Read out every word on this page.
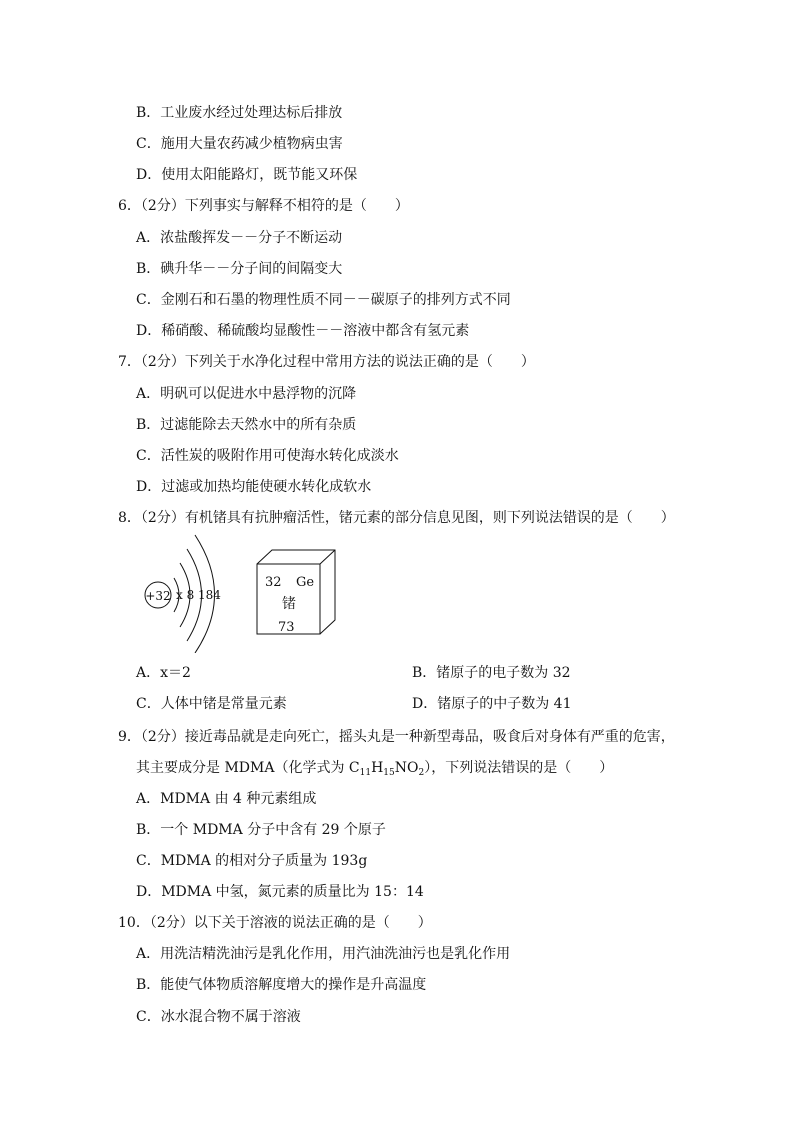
B．工业废水经过处理达标后排放
C．施用大量农药减少植物病虫害
D．使用太阳能路灯，既节能又环保
6．（2分）下列事实与解释不相符的是（　　）
A．浓盐酸挥发－－分子不断运动
B．碘升华－－分子间的间隔变大
C．金刚石和石墨的物理性质不同－－碳原子的排列方式不同
D．稀硝酸、稀硫酸均显酸性－－溶液中都含有氢元素
7．（2分）下列关于水净化过程中常用方法的说法正确的是（　　）
A．明矾可以促进水中悬浮物的沉降
B．过滤能除去天然水中的所有杂质
C．活性炭的吸附作用可使海水转化成淡水
D．过滤或加热均能使硬水转化成软水
8．（2分）有机锗具有抗肿瘤活性，锗元素的部分信息见图，则下列说法错误的是（　　）
+32 x 8 184
32 Ge
锗
73
A．x＝2	B．锗原子的电子数为 32
C．人体中锗是常量元素	D．锗原子的中子数为 41
9．（2分）接近毒品就是走向死亡，摇头丸是一种新型毒品，吸食后对身体有严重的危害，
其主要成分是 MDMA（化学式为 $C_{11}H_{15}NO_2$），下列说法错误的是（　　）
A．MDMA 由 4 种元素组成
B．一个 MDMA 分子中含有 29 个原子
C．MDMA 的相对分子质量为 193g
D．MDMA 中氢，氮元素的质量比为 15：14
10．（2分）以下关于溶液的说法正确的是（　　）
A．用洗洁精洗油污是乳化作用，用汽油洗油污也是乳化作用
B．能使气体物质溶解度增大的操作是升高温度
C．冰水混合物不属于溶液
